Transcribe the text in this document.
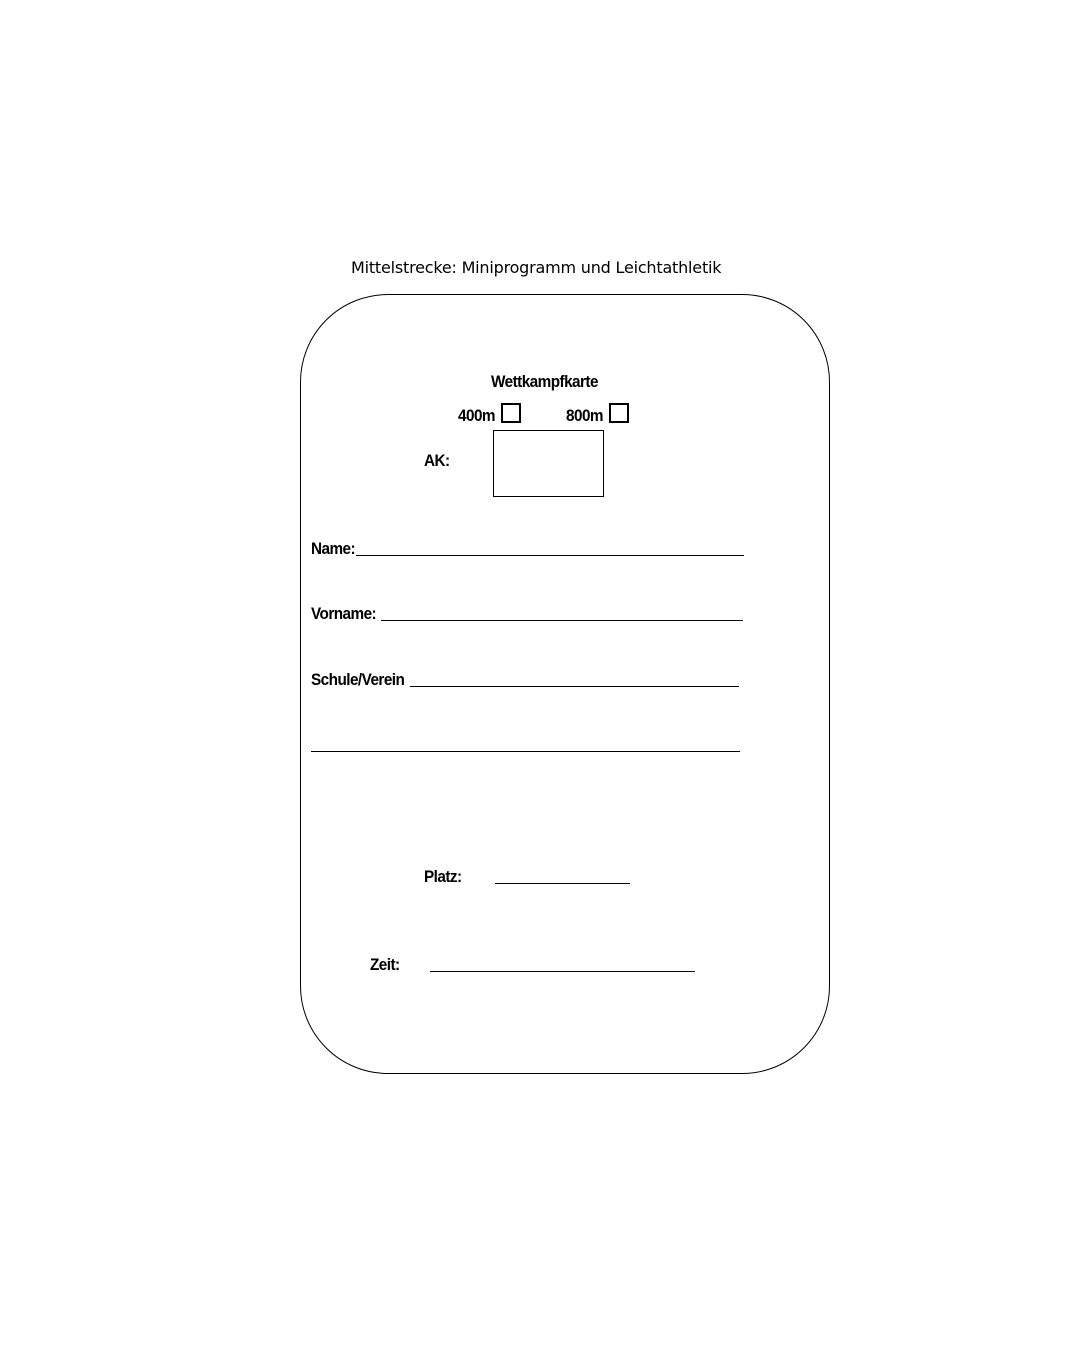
Mittelstrecke: Miniprogramm und Leichtathletik
Wettkampfkarte
400m	800m
AK:
Name:
Vorname:
Schule/Verein
Platz:
Zeit:
